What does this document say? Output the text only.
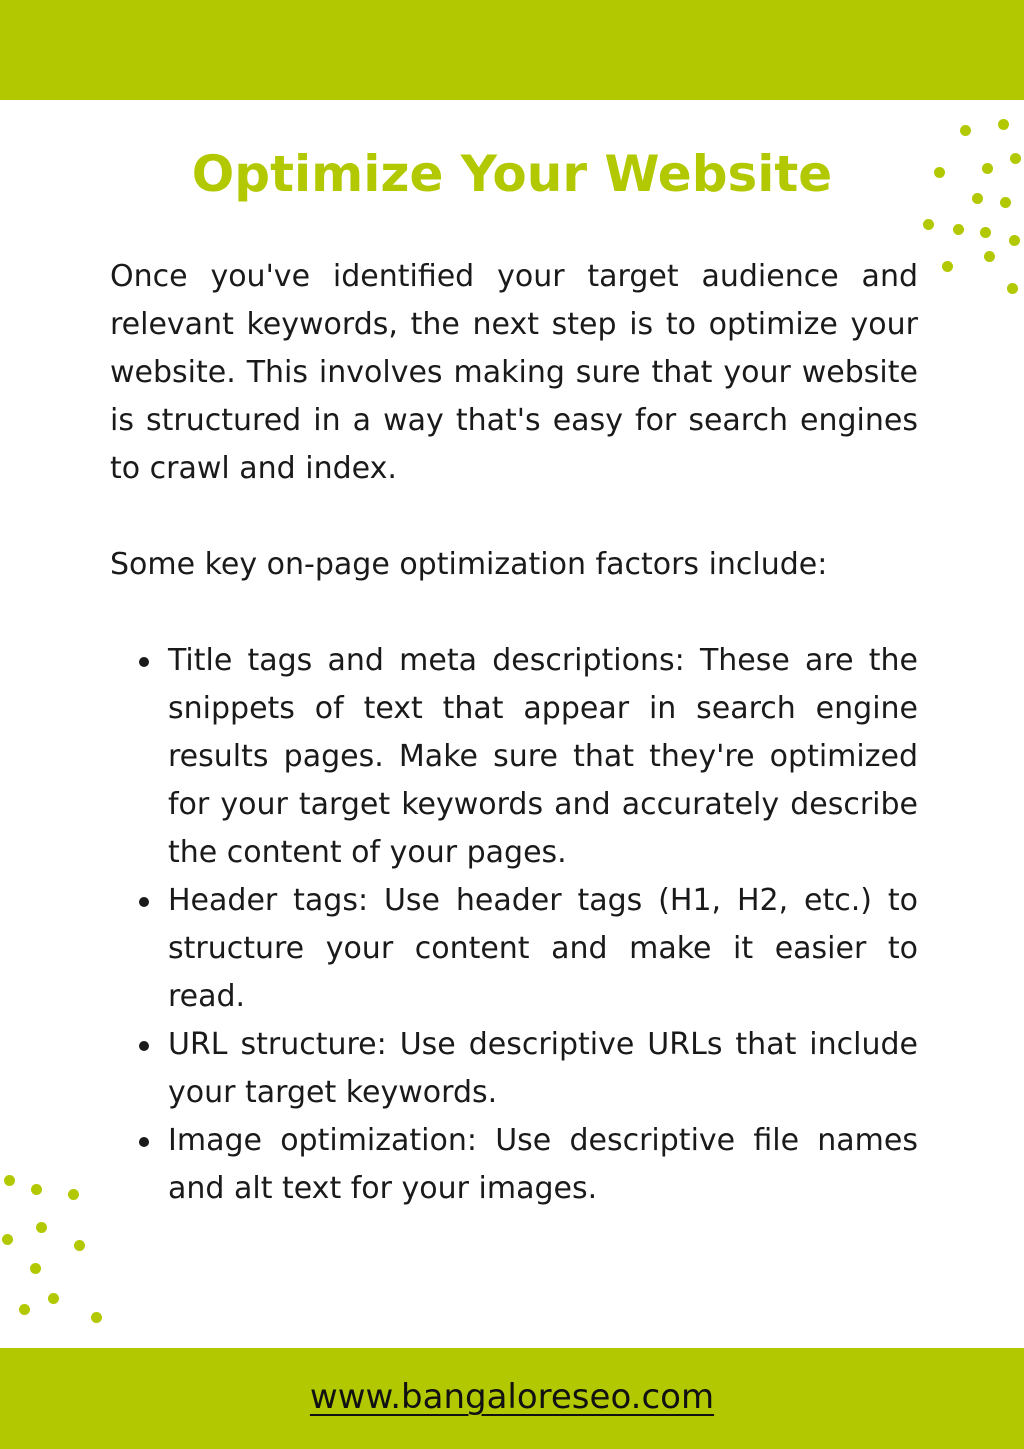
Optimize Your Website

Once you've identified your target audience and relevant keywords, the next step is to optimize your website. This involves making sure that your website is structured in a way that's easy for search engines to crawl and index.

Some key on-page optimization factors include:

Title tags and meta descriptions: These are the snippets of text that appear in search engine results pages. Make sure that they're optimized for your target keywords and accurately describe the content of your pages.
Header tags: Use header tags (H1, H2, etc.) to structure your content and make it easier to read.
URL structure: Use descriptive URLs that include your target keywords.
Image optimization: Use descriptive file names and alt text for your images.
www.bangaloreseo.com
